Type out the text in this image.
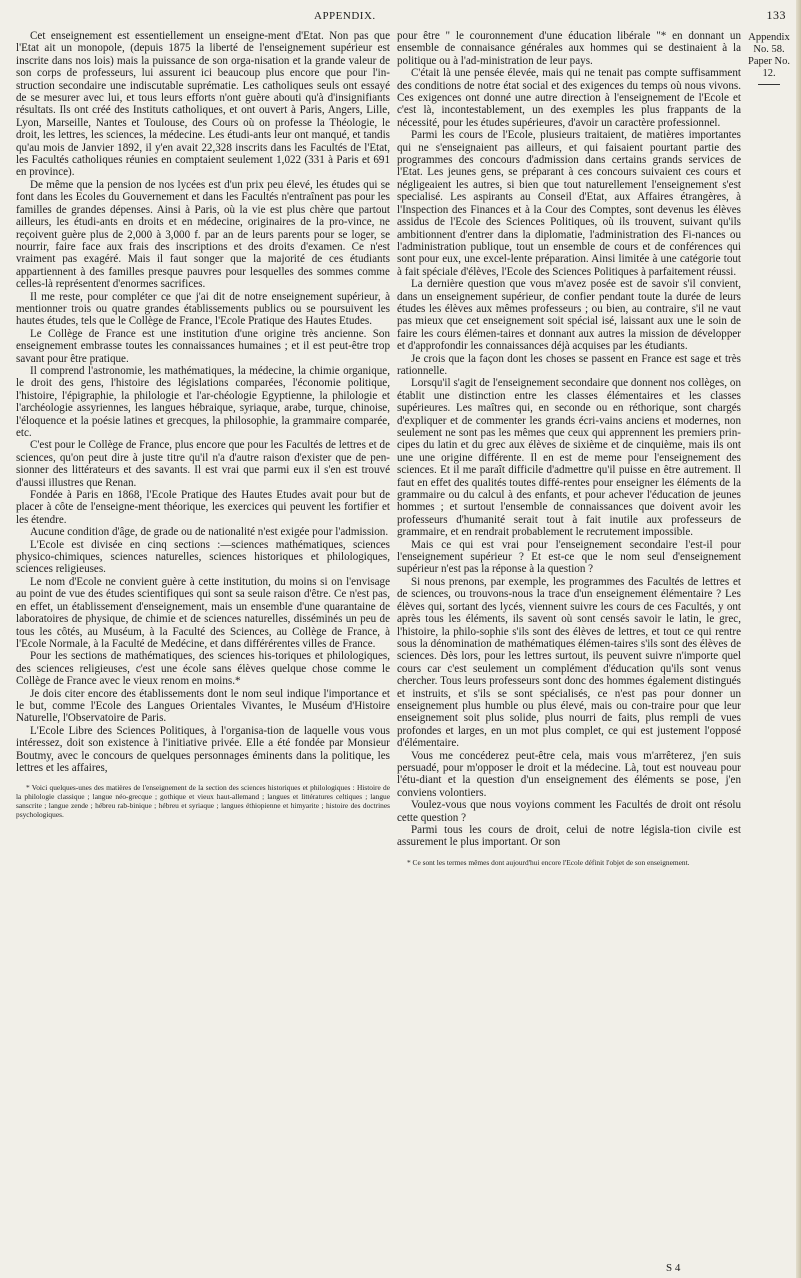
APPENDIX.	133

Cet enseignement est essentiellement un enseigne-ment d'Etat. Non pas que l'Etat ait un monopole, (depuis 1875 la liberté de l'enseignement supérieur est inscrite dans nos lois) mais la puissance de son orga-nisation et la grande valeur de son corps de professeurs, lui assurent ici beaucoup plus encore que pour l'in-struction secondaire une indiscutable suprématie. Les catholiques seuls ont essayé de se mesurer avec lui, et tous leurs efforts n'ont guère abouti qu'à d'insignifiants résultats. Ils ont créé des Instituts catholiques, et ont ouvert à Paris, Angers, Lille, Lyon, Marseille, Nantes et Toulouse, des Cours où on professe la Théologie, le droit, les lettres, les sciences, la médecine. Les étudi-ants leur ont manqué, et tandis qu'au mois de Janvier 1892, il y'en avait 22,328 inscrits dans les Facultés de l'Etat, les Facultés catholiques réunies en comptaient seulement 1,022 (331 à Paris et 691 en province).

De même que la pension de nos lycées est d'un prix peu élevé, les études qui se font dans les Ecoles du Gouvernement et dans les Facultés n'entraînent pas pour les familles de grandes dépenses. Ainsi à Paris, où la vie est plus chère que partout ailleurs, les étudi-ants en droits et en médecine, originaires de la pro-vince, ne reçoivent guère plus de 2,000 à 3,000 f. par an de leurs parents pour se loger, se nourrir, faire face aux frais des inscriptions et des droits d'examen. Ce n'est vraiment pas exagéré. Mais il faut songer que la majorité de ces étudiants appartiennent à des familles presque pauvres pour lesquelles des sommes comme celles-là représentent d'enormes sacrifices.

Il me reste, pour compléter ce que j'ai dit de notre enseignement supérieur, à mentionner trois ou quatre grandes établissements publics ou se poursuivent les hautes études, tels que le Collège de France, l'Ecole Pratique des Hautes Etudes.

Le Collège de France est une institution d'une origine très ancienne. Son enseignement embrasse toutes les connaissances humaines ; et il est peut-être trop savant pour être pratique.

Il comprend l'astronomie, les mathématiques, la médecine, la chimie organique, le droit des gens, l'histoire des législations comparées, l'économie politique, l'histoire, l'épigraphie, la philologie et l'ar-chéologie Egyptienne, la philologie et l'archéologie assyriennes, les langues hébraique, syriaque, arabe, turque, chinoise, l'éloquence et la poésie latines et grecques, la philosophie, la grammaire comparée, etc.

C'est pour le Collège de France, plus encore que pour les Facultés de lettres et de sciences, qu'on peut dire à juste titre qu'il n'a d'autre raison d'exister que de pen-sionner des littérateurs et des savants. Il est vrai que parmi eux il s'en est trouvé d'aussi illustres que Renan.

Fondée à Paris en 1868, l'Ecole Pratique des Hautes Etudes avait pour but de placer à côte de l'enseigne-ment théorique, les exercices qui peuvent les fortifier et les étendre.

Aucune condition d'âge, de grade ou de nationalité n'est exigée pour l'admission.

L'Ecole est divisée en cinq sections :—sciences mathématiques, sciences physico-chimiques, sciences naturelles, sciences historiques et philologiques, sciences religieuses.

Le nom d'Ecole ne convient guère à cette institution, du moins si on l'envisage au point de vue des études scientifiques qui sont sa seule raison d'être. Ce n'est pas, en effet, un établissement d'enseignement, mais un ensemble d'une quarantaine de laboratoires de physique, de chimie et de sciences naturelles, disséminés un peu de tous les côtés, au Muséum, à la Faculté des Sciences, au Collège de France, à l'Ecole Normale, à la Faculté de Medécine, et dans différérentes villes de France.

Pour les sections de mathématiques, des sciences his-toriques et philologiques, des sciences religieuses, c'est une école sans élèves quelque chose comme le Collège de France avec le vieux renom en moins.*

Je dois citer encore des établissements dont le nom seul indique l'importance et le but, comme l'Ecole des Langues Orientales Vivantes, le Muséum d'Histoire Naturelle, l'Observatoire de Paris.

L'Ecole Libre des Sciences Politiques, à l'organisa-tion de laquelle vous vous intéressez, doit son existence à l'initiative privée. Elle a été fondée par Monsieur Boutmy, avec le concours de quelques personnages éminents dans la politique, les lettres et les affaires,

* Voici quelques-unes des matières de l'enseignement de la section des sciences historiques et philologiques : Histoire de la philologie classique ; langue néo-grecque ; gothique et vieux haut-allemand ; langues et littératures celtiques ; langue sanscrite ; langue zende ; hébreu rab-binique ; hébreu et syriaque ; langues éthiopienne et himyarite ; histoire des doctrines psychologiques.

pour être " le couronnement d'une éducation libérale "* en donnant un ensemble de connaisance générales aux hommes qui se destinaient à la politique ou à l'ad-ministration de leur pays.

C'était là une pensée élevée, mais qui ne tenait pas compte suffisamment des conditions de notre état social et des exigences du temps où nous vivons. Ces exigences ont donné une autre direction à l'enseignement de l'Ecole et c'est là, incontestablement, un des exemples les plus frappants de la nécessité, pour les études supérieures, d'avoir un caractère professionnel.

Parmi les cours de l'Ecole, plusieurs traitaient, de matières importantes qui ne s'enseignaient pas ailleurs, et qui faisaient pourtant partie des programmes des concours d'admission dans certains grands services de l'Etat. Les jeunes gens, se préparant à ces concours suivaient ces cours et négligeaient les autres, si bien que tout naturellement l'enseignement s'est specialisé. Les aspirants au Conseil d'Etat, aux Affaires étrangères, à l'Inspection des Finances et à la Cour des Comptes, sont devenus les élèves assidus de l'Ecole des Sciences Politiques, où ils trouvent, suivant qu'ils ambitionnent d'entrer dans la diplomatie, l'administration des Fi-nances ou l'administration publique, tout un ensemble de cours et de conférences qui sont pour eux, une excel-lente préparation. Ainsi limitée à une catégorie tout à fait spéciale d'élèves, l'Ecole des Sciences Politiques à parfaitement réussi.

La dernière question que vous m'avez posée est de savoir s'il convient, dans un enseignement supérieur, de confier pendant toute la durée de leurs études les élèves aux mêmes professeurs ; ou bien, au contraire, s'il ne vaut pas mieux que cet enseignement soit spécial isé, laissant aux une le soin de faire les cours élémen-taires et donnant aux autres la mission de développer et d'approfondir les connaissances déjà acquises par les étudiants.

Je crois que la façon dont les choses se passent en France est sage et très rationnelle.

Lorsqu'il s'agit de l'enseignement secondaire que donnent nos collèges, on établit une distinction entre les classes élémentaires et les classes supérieures. Les maîtres qui, en seconde ou en réthorique, sont chargés d'expliquer et de commenter les grands écri-vains anciens et modernes, non seulement ne sont pas les mêmes que ceux qui apprennent les premiers prin-cipes du latin et du grec aux élèves de sixième et de cinquième, mais ils ont une une origine différente. Il en est de meme pour l'enseignement des sciences. Et il me paraît difficile d'admettre qu'il puisse en être autrement. Il faut en effet des qualités toutes diffé-rentes pour enseigner les éléments de la grammaire ou du calcul à des enfants, et pour achever l'éducation de jeunes hommes ; et surtout l'ensemble de connaissances que doivent avoir les professeurs d'humanité serait tout à fait inutile aux professeurs de grammaire, et en rendrait probablement le recrutement impossible.

Mais ce qui est vrai pour l'enseignement secondaire l'est-il pour l'enseignement supérieur ? Et est-ce que le nom seul d'enseignement supérieur n'est pas la réponse à la question ?

Si nous prenons, par exemple, les programmes des Facultés de lettres et de sciences, ou trouvons-nous la trace d'un enseignement élémentaire ? Les élèves qui, sortant des lycés, viennent suivre les cours de ces Facultés, y ont après tous les éléments, ils savent où sont censés savoir le latin, le grec, l'histoire, la philo-sophie s'ils sont des élèves de lettres, et tout ce qui rentre sous la dénomination de mathématiques élémen-taires s'ils sont des élèves de sciences. Dès lors, pour les lettres surtout, ils peuvent suivre n'importe quel cours car c'est seulement un complément d'éducation qu'ils sont venus chercher. Tous leurs professeurs sont donc des hommes également distingués et instruits, et s'ils se sont spécialisés, ce n'est pas pour donner un enseignement plus humble ou plus élevé, mais ou con-traire pour que leur enseignement soit plus solide, plus nourri de faits, plus rempli de vues profondes et larges, en un mot plus complet, ce qui est justement l'opposé d'élémentaire.

Vous me concéderez peut-être cela, mais vous m'arrêterez, j'en suis persuadé, pour m'opposer le droit et la médecine. Là, tout est nouveau pour l'étu-diant et la question d'un enseignement des éléments se pose, j'en conviens volontiers.

Voulez-vous que nous voyions comment les Facultés de droit ont résolu cette question ?

Parmi tous les cours de droit, celui de notre législa-tion civile est assurement le plus important. Or son

* Ce sont les termes mêmes dont aujourd'hui encore l'Ecole définit l'objet de son enseignement.
Appendix
No. 58.
Paper No. 12.
S 4
